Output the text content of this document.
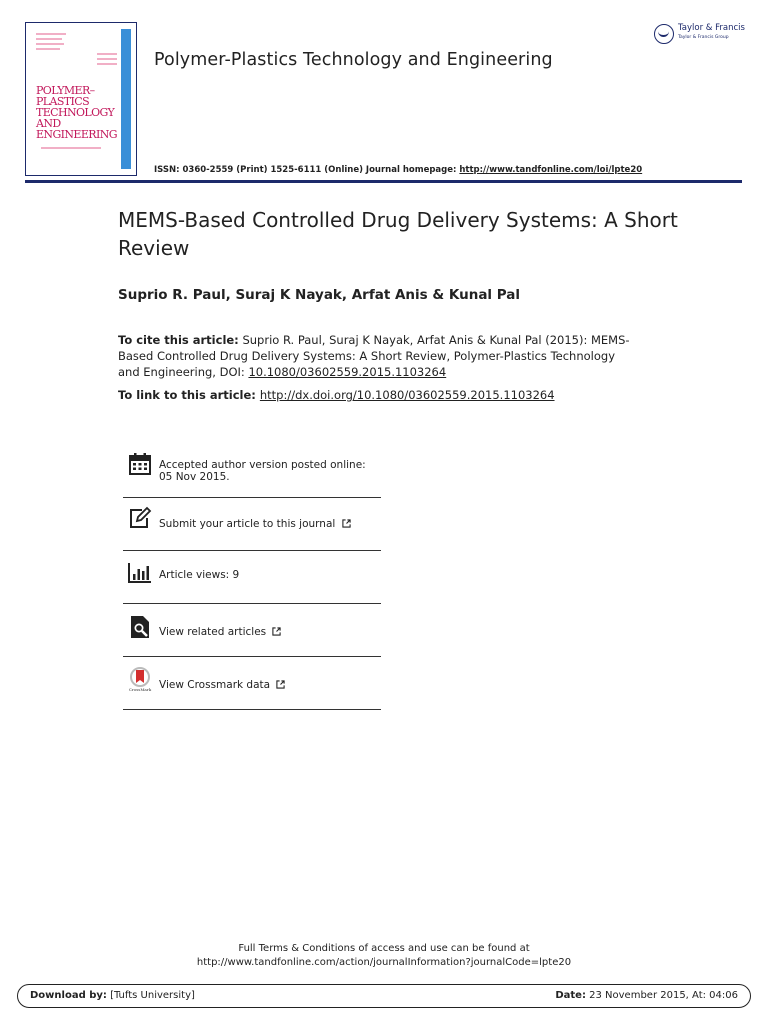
POLYMER–PLASTICS TECHNOLOGY AND ENGINEERING
Polymer-Plastics Technology and Engineering
Taylor & Francis
Taylor & Francis Group
ISSN: 0360-2559 (Print) 1525-6111 (Online) Journal homepage: http://www.tandfonline.com/loi/lpte20
MEMS-Based Controlled Drug Delivery Systems: A Short Review
Suprio R. Paul, Suraj K Nayak, Arfat Anis & Kunal Pal
To cite this article: Suprio R. Paul, Suraj K Nayak, Arfat Anis & Kunal Pal (2015): MEMS-Based Controlled Drug Delivery Systems: A Short Review, Polymer-Plastics Technology and Engineering, DOI: 10.1080/03602559.2015.1103264
To link to this article: http://dx.doi.org/10.1080/03602559.2015.1103264
Accepted author version posted online: 05 Nov 2015.
Submit your article to this journal
Article views: 9
View related articles
CrossMark View Crossmark data
Full Terms & Conditions of access and use can be found at
http://www.tandfonline.com/action/journalInformation?journalCode=lpte20
Download by: [Tufts University]	Date: 23 November 2015, At: 04:06
